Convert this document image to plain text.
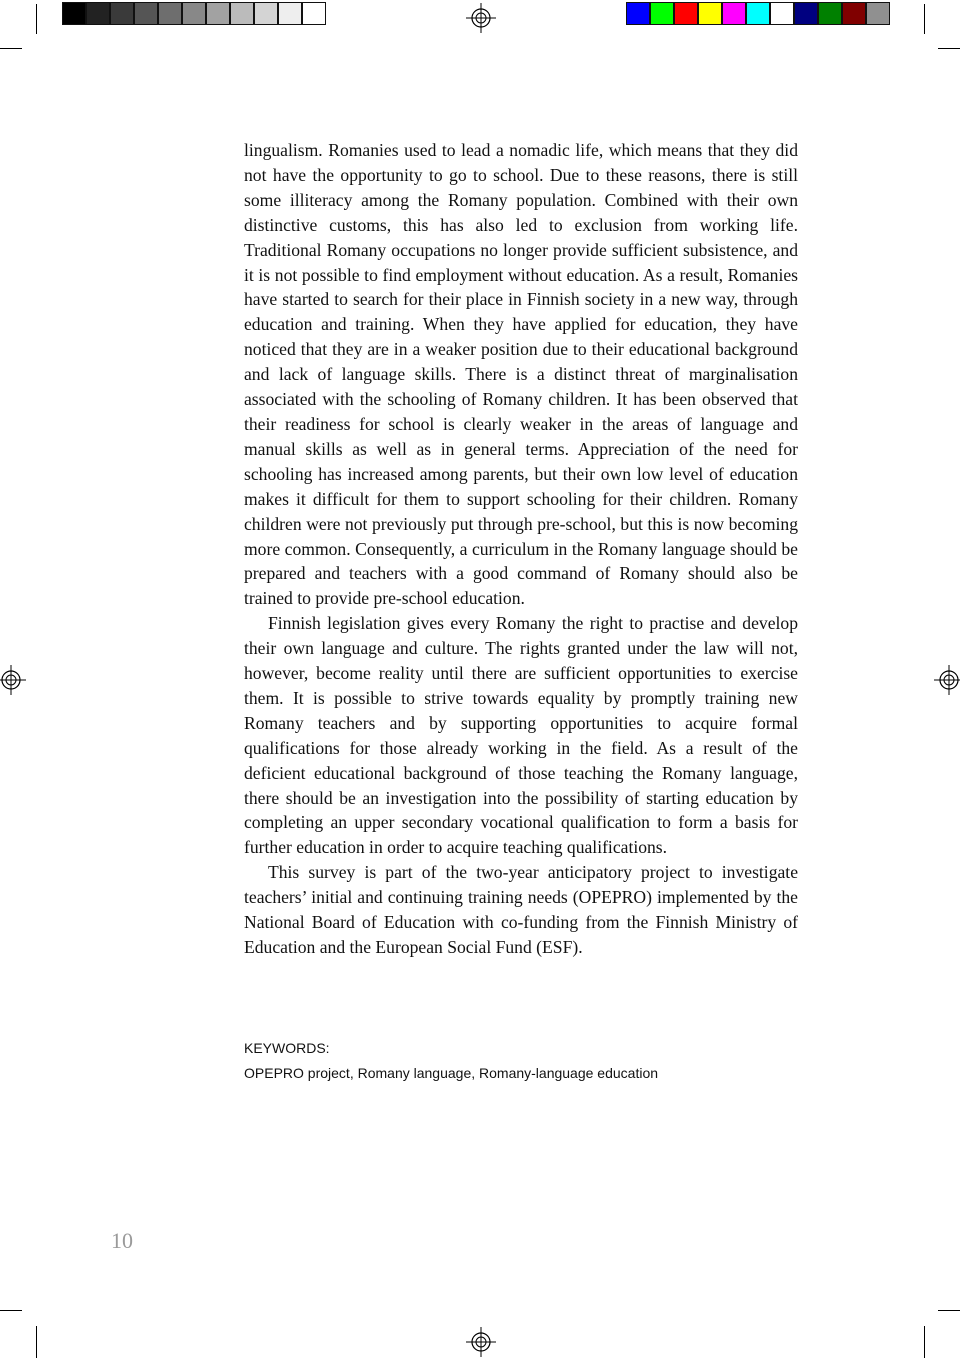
lingualism. Romanies used to lead a nomadic life, which means that they did not have the opportunity to go to school. Due to these reasons, there is still some illiteracy among the Romany population. Combined with their own distinctive customs, this has also led to exclusion from working life. Traditional Romany occupations no longer provide sufficient subsistence, and it is not possible to find employment without education. As a result, Romanies have started to search for their place in Finnish society in a new way, through education and training. When they have applied for education, they have noticed that they are in a weaker position due to their educational background and lack of language skills. There is a distinct threat of marginalisation associated with the schooling of Romany children. It has been observed that their readiness for school is clearly weaker in the areas of language and manual skills as well as in general terms. Appreciation of the need for schooling has increased among parents, but their own low level of education makes it difficult for them to support schooling for their children. Romany children were not previously put through pre-school, but this is now becoming more common. Consequently, a curriculum in the Romany language should be prepared and teachers with a good command of Romany should also be trained to provide pre-school education.

Finnish legislation gives every Romany the right to practise and develop their own language and culture. The rights granted under the law will not, however, become reality until there are sufficient opportunities to exercise them. It is possible to strive towards equality by promptly training new Romany teachers and by supporting opportunities to acquire formal qualifications for those already working in the field. As a result of the deficient educational background of those teaching the Romany language, there should be an investigation into the possibility of starting education by completing an upper secondary vocational qualification to form a basis for further education in order to acquire teaching qualifications.

This survey is part of the two-year anticipatory project to investigate teachers’ initial and continuing training needs (OPEPRO) implemented by the National Board of Education with co-funding from the Finnish Ministry of Education and the European Social Fund (ESF).

KEYWORDS:
OPEPRO project, Romany language, Romany-language education
10
